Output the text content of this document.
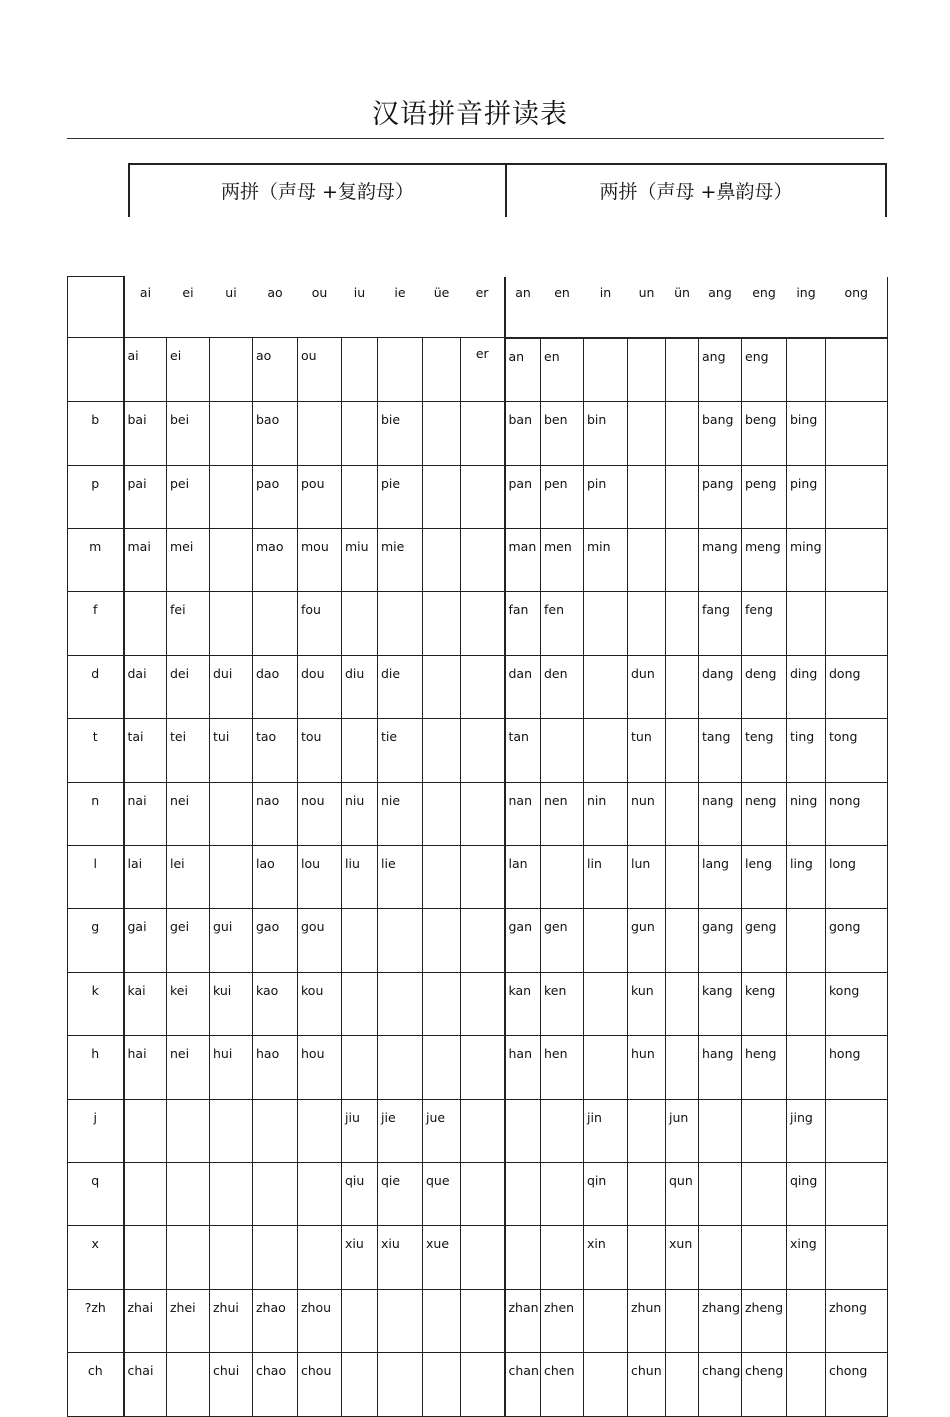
汉语拼音拼读表
两拼（声母 +复韵母）	两拼（声母 +鼻韵母）
	ai	ei	ui	ao	ou	iu	ie	üe	er	an	en	in	un	ün	ang	eng	ing	ong
	ai	ei		ao	ou				er	an	en				ang	eng		
b	bai	bei		bao			bie			ban	ben	bin			bang	beng	bing	
p	pai	pei		pao	pou		pie			pan	pen	pin			pang	peng	ping	
m	mai	mei		mao	mou	miu	mie			man	men	min			mang	meng	ming	
f		fei			fou					fan	fen				fang	feng		
d	dai	dei	dui	dao	dou	diu	die			dan	den		dun		dang	deng	ding	dong
t	tai	tei	tui	tao	tou		tie			tan			tun		tang	teng	ting	tong
n	nai	nei		nao	nou	niu	nie			nan	nen	nin	nun		nang	neng	ning	nong
l	lai	lei		lao	lou	liu	lie			lan		lin	lun		lang	leng	ling	long
g	gai	gei	gui	gao	gou					gan	gen		gun		gang	geng		gong
k	kai	kei	kui	kao	kou					kan	ken		kun		kang	keng		kong
h	hai	nei	hui	hao	hou					han	hen		hun		hang	heng		hong
j						jiu	jie	jue				jin		jun			jing	
q						qiu	qie	que				qin		qun			qing	
x						xiu	xiu	xue				xin		xun			xing	
?zh	zhai	zhei	zhui	zhao	zhou					zhan	zhen		zhun		zhang	zheng		zhong
ch	chai		chui	chao	chou					chan	chen		chun		chang	cheng		chong
